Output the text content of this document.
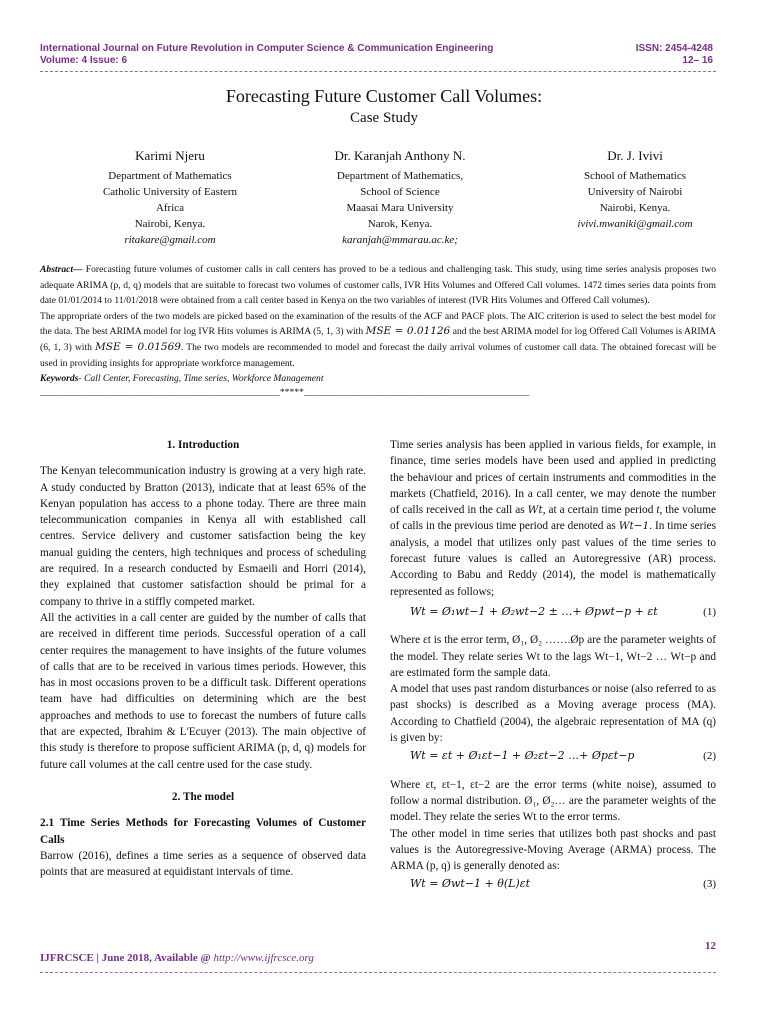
International Journal on Future Revolution in Computer Science & Communication Engineering
Volume: 4 Issue: 6
ISSN: 2454-4248
12– 16
Forecasting Future Customer Call Volumes:
Case Study
Karimi Njeru
Department of Mathematics
Catholic University of Eastern
Africa
Nairobi, Kenya.
ritakare@gmail.com
Dr. Karanjah Anthony N.
Department of Mathematics,
School of Science
Maasai Mara University
Narok, Kenya.
karanjah@mmarau.ac.ke;
Dr. J. Ivivi
School of Mathematics
University of Nairobi
Nairobi, Kenya.
ivivi.mwaniki@gmail.com

Abstract— Forecasting future volumes of customer calls in call centers has proved to be a tedious and challenging task. This study, using time series analysis proposes two adequate ARIMA (p, d, q) models that are suitable to forecast two volumes of customer calls, IVR Hits Volumes and Offered Call volumes. 1472 times series data points from date 01/01/2014 to 11/01/2018 were obtained from a call center based in Kenya on the two variables of interest (IVR Hits Volumes and Offered Call volumes).

The appropriate orders of the two models are picked based on the examination of the results of the ACF and PACF plots. The AIC criterion is used to select the best model for the data. The best ARIMA model for log IVR Hits volumes is ARIMA (5, 1, 3) with MSE = 0.01126 and the best ARIMA model for log Offered Call Volumes is ARIMA (6, 1, 3) with MSE = 0.01569. The two models are recommended to model and forecast the daily arrival volumes of customer call data. The obtained forecast will be used in providing insights for appropriate workforce management.

Keywords- Call Center, Forecasting, Time series, Workforce Management

__________________________________________________*****_______________________________________________

1. Introduction

The Kenyan telecommunication industry is growing at a very high rate. A study conducted by Bratton (2013), indicate that at least 65% of the Kenyan population has access to a phone today. There are three main telecommunication companies in Kenya all with established call centres. Service delivery and customer satisfaction being the key manual guiding the centers, high techniques and process of scheduling are required. In a research conducted by Esmaeili and Horri (2014), they explained that customer satisfaction should be primal for a company to thrive in a stiffly competed market.

All the activities in a call center are guided by the number of calls that are received in different time periods. Successful operation of a call center requires the management to have insights of the future volumes of calls that are to be received in various times periods. However, this has in most occasions proven to be a difficult task. Different operations team have had difficulties on determining which are the best approaches and methods to use to forecast the numbers of future calls that are expected, Ibrahim & L'Ecuyer (2013). The main objective of this study is therefore to propose sufficient ARIMA (p, d, q) models for future call volumes at the call centre used for the case study.

2. The model

2.1 Time Series Methods for Forecasting Volumes of Customer Calls

Barrow (2016), defines a time series as a sequence of observed data points that are measured at equidistant intervals of time.

Time series analysis has been applied in various fields, for example, in finance, time series models have been used and applied in predicting the behaviour and prices of certain instruments and commodities in the markets (Chatfield, 2016). In a call center, we may denote the number of calls received in the call as Wt, at a certain time period t, the volume of calls in the previous time period are denoted as Wt−1. In time series analysis, a model that utilizes only past values of the time series to forecast future values is called an Autoregressive (AR) process. According to Babu and Reddy (2014), the model is mathematically represented as follows;

Wt = Ø₁wt−1 + Ø₂wt−2 ± …+ Øpwt−p + εt	(1)

Where εt is the error term, Ø₁, Ø₂ …….Øp are the parameter weights of the model. They relate series Wt to the lags Wt−1, Wt−2 … Wt−p and are estimated form the sample data.

A model that uses past random disturbances or noise (also referred to as past shocks) is described as a Moving average process (MA). According to Chatfield (2004), the algebraic representation of MA (q) is given by:

Wt = εt + Ø₁εt−1 + Ø₂εt−2 …+ Øpεt−p	(2)

Where εt, εt−1, εt−2 are the error terms (white noise), assumed to follow a normal distribution. Ø₁, Ø₂… are the parameter weights of the model. They relate the series Wt to the error terms.

The other model in time series that utilizes both past shocks and past values is the Autoregressive-Moving Average (ARMA) process. The ARMA (p, q) is generally denoted as:

Wt = Øwt−1 + θ(L)εt	(3)
12
IJFRCSCE | June 2018, Available @ http://www.ijfrcsce.org
